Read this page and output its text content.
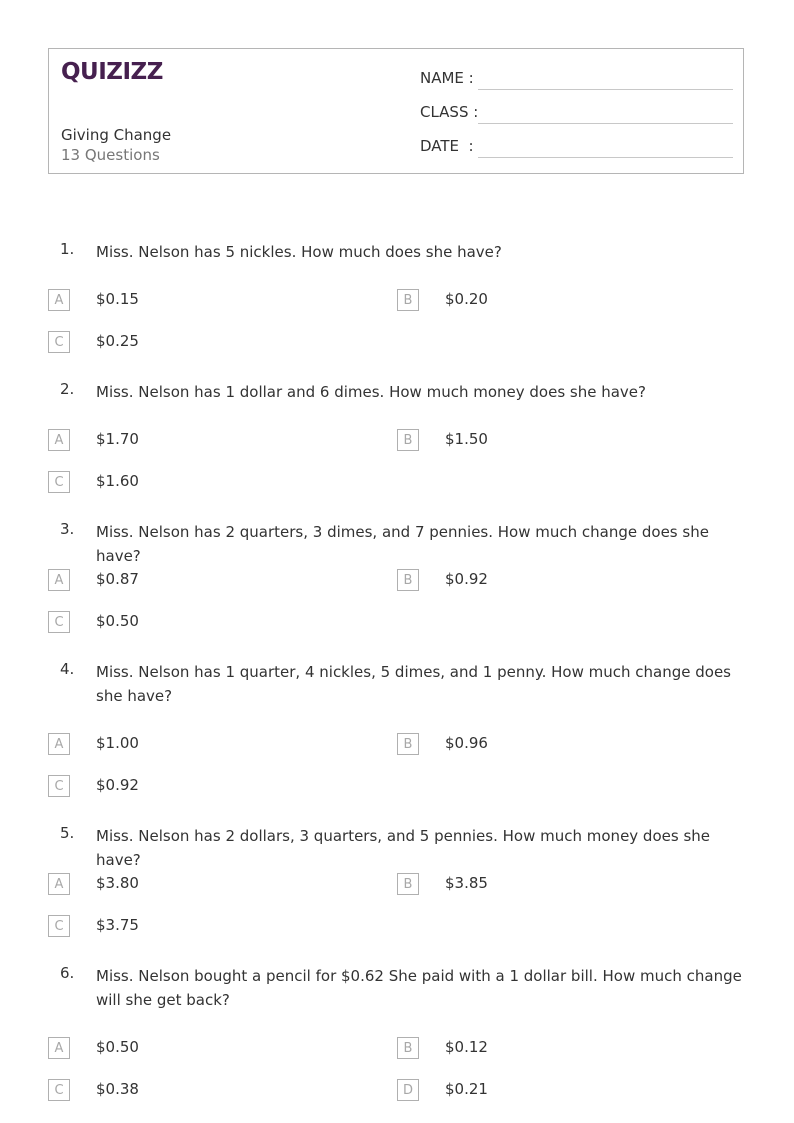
QUIZIZZ
Giving Change
13 Questions
NAME :
CLASS :
DATE  :
1. Miss. Nelson has 5 nickles. How much does she have?
A	$0.15	B	$0.20
C	$0.25
2. Miss. Nelson has 1 dollar and 6 dimes. How much money does she have?
A	$1.70	B	$1.50
C	$1.60
3. Miss. Nelson has 2 quarters, 3 dimes, and 7 pennies. How much change does she have?
A	$0.87	B	$0.92
C	$0.50
4. Miss. Nelson has 1 quarter, 4 nickles, 5 dimes, and 1 penny. How much change does she have?
A	$1.00	B	$0.96
C	$0.92
5. Miss. Nelson has 2 dollars, 3 quarters, and 5 pennies. How much money does she have?
A	$3.80	B	$3.85
C	$3.75
6. Miss. Nelson bought a pencil for $0.62 She paid with a 1 dollar bill. How much change will she get back?
A	$0.50	B	$0.12
C	$0.38	D	$0.21
